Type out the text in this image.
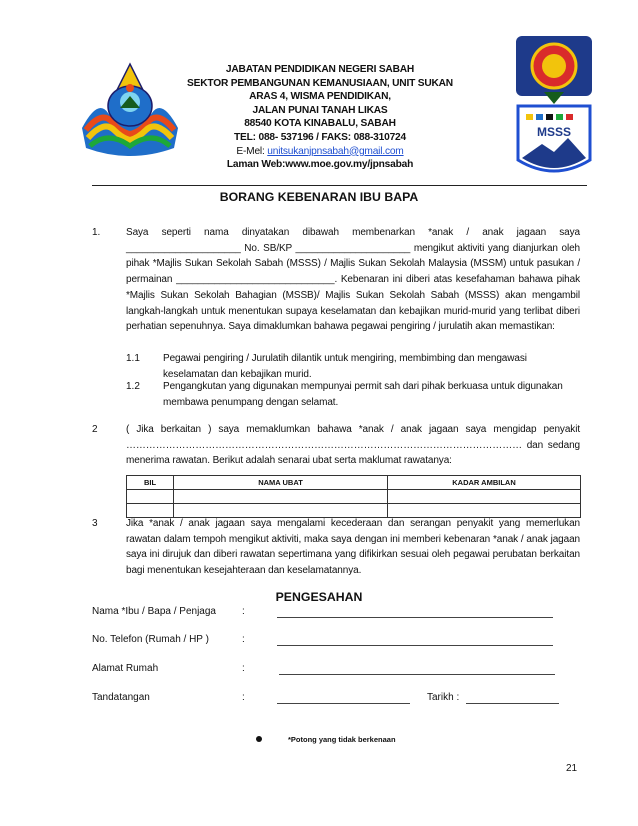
MSSS
JABATAN PENDIDIKAN NEGERI SABAH
SEKTOR PEMBANGUNAN KEMANUSIAAN, UNIT SUKAN
ARAS 4, WISMA PENDIDIKAN,
JALAN PUNAI TANAH LIKAS
88540 KOTA KINABALU, SABAH
TEL: 088- 537196 / FAKS: 088-310724
E-Mel: unitsukanjpnsabah@gmail.com
Laman Web:www.moe.gov.my/jpnsabah
BORANG KEBENARAN IBU BAPA
1.	Saya seperti nama dinyatakan dibawah membenarkan *anak / anak jagaan saya _____________________ No. SB/KP _____________________ mengikut aktiviti yang dianjurkan oleh pihak *Majlis Sukan Sekolah Sabah (MSSS) / Majlis Sukan Sekolah Malaysia (MSSM) untuk pasukan / permainan _____________________________. Kebenaran ini diberi atas kesefahaman bahawa pihak *Majlis Sukan Sekolah Bahagian (MSSB)/ Majlis Sukan Sekolah Sabah (MSSS) akan mengambil langkah-langkah untuk menentukan supaya keselamatan dan kebajikan murid-murid yang terlibat diberi perhatian sepenuhnya. Saya dimaklumkan bahawa pegawai pengiring / jurulatih akan memastikan:
1.1 Pegawai pengiring / Jurulatih dilantik untuk mengiring, membimbing dan mengawasi keselamatan dan kebajikan murid.
1.2 Pengangkutan yang digunakan mempunyai permit sah dari pihak berkuasa untuk digunakan membawa penumpang dengan selamat.
2	( Jika berkaitan ) saya memaklumkan bahawa *anak / anak jagaan saya mengidap penyakit ………………………………………………………………………………………………………… dan sedang menerima rawatan. Berikut adalah senarai ubat serta maklumat rawatanya:
BIL	NAMA UBAT	KADAR AMBILAN

3	Jika *anak / anak jagaan saya mengalami kecederaan dan serangan penyakit yang memerlukan rawatan dalam tempoh mengikut aktiviti, maka saya dengan ini memberi kebenaran *anak / anak jagaan saya ini dirujuk dan diberi rawatan sepertimana yang difikirkan sesuai oleh pegawai perubatan berkaitan bagi menentukan kesejahteraan dan keselamatannya.
PENGESAHAN
Nama *Ibu / Bapa / Penjaga	:
No. Telefon (Rumah / HP )	:
Alamat Rumah	:
Tandatangan	:	Tarikh :
*Potong yang tidak berkenaan
21
